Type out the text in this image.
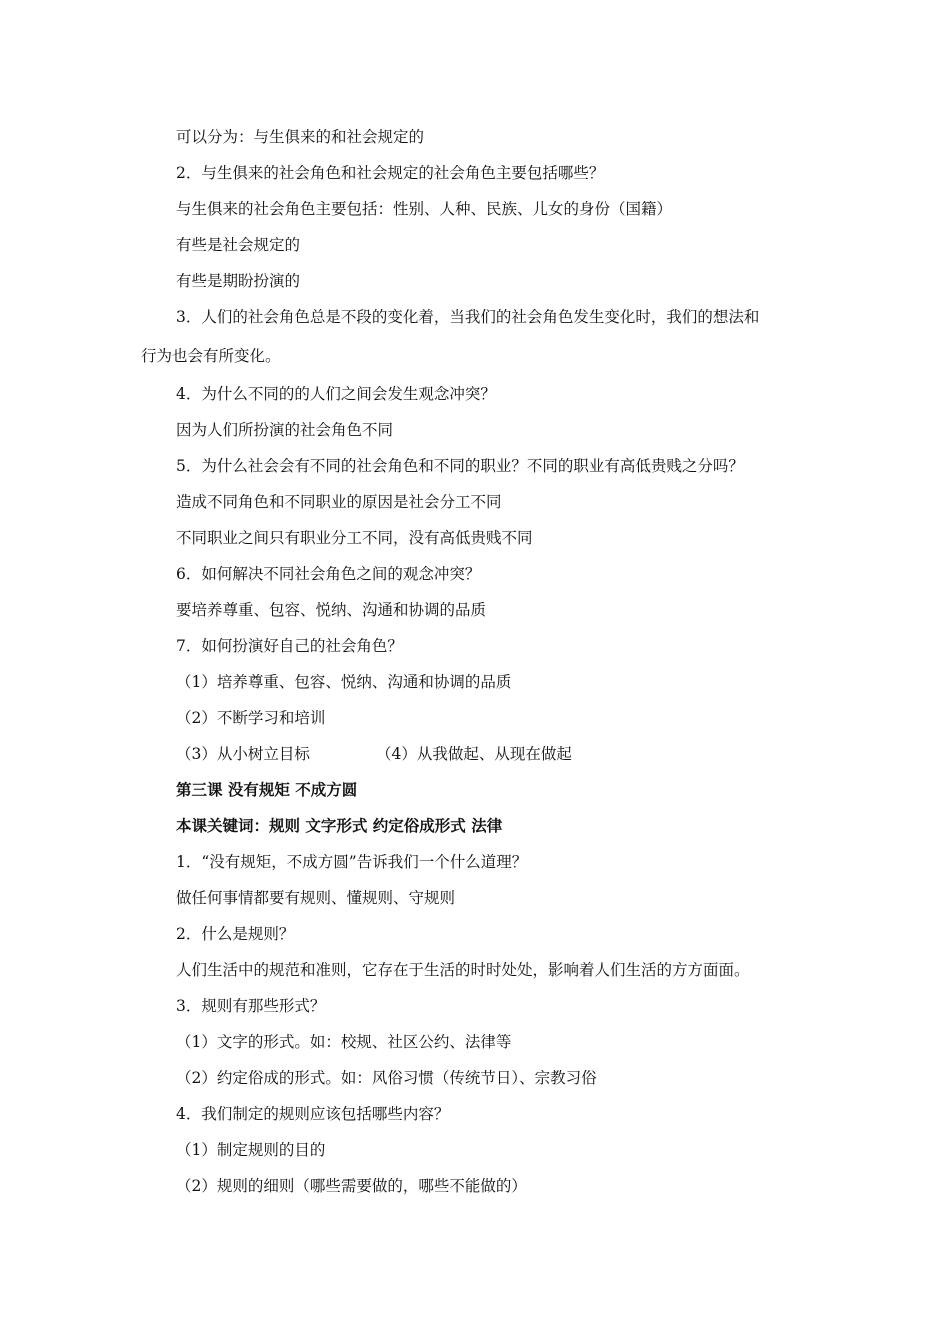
可以分为：与生俱来的和社会规定的
2．与生俱来的社会角色和社会规定的社会角色主要包括哪些？
与生俱来的社会角色主要包括：性别、人种、民族、儿女的身份（国籍）
有些是社会规定的
有些是期盼扮演的
3．人们的社会角色总是不段的变化着，当我们的社会角色发生变化时，我们的想法和
行为也会有所变化。
4．为什么不同的的人们之间会发生观念冲突？
因为人们所扮演的社会角色不同
5．为什么社会会有不同的社会角色和不同的职业？不同的职业有高低贵贱之分吗？
造成不同角色和不同职业的原因是社会分工不同
不同职业之间只有职业分工不同，没有高低贵贱不同
6．如何解决不同社会角色之间的观念冲突？
要培养尊重、包容、悦纳、沟通和协调的品质
7．如何扮演好自己的社会角色？
（1）培养尊重、包容、悦纳、沟通和协调的品质
（2）不断学习和培训
（3）从小树立目标	（4）从我做起、从现在做起
第三课 没有规矩 不成方圆
本课关键词：规则 文字形式 约定俗成形式 法律
1．“没有规矩，不成方圆”告诉我们一个什么道理？
做任何事情都要有规则、懂规则、守规则
2．什么是规则？
人们生活中的规范和准则，它存在于生活的时时处处，影响着人们生活的方方面面。
3．规则有那些形式？
（1）文字的形式。如：校规、社区公约、法律等
（2）约定俗成的形式。如：风俗习惯（传统节日）、宗教习俗
4．我们制定的规则应该包括哪些内容？
（1）制定规则的目的
（2）规则的细则（哪些需要做的，哪些不能做的）
